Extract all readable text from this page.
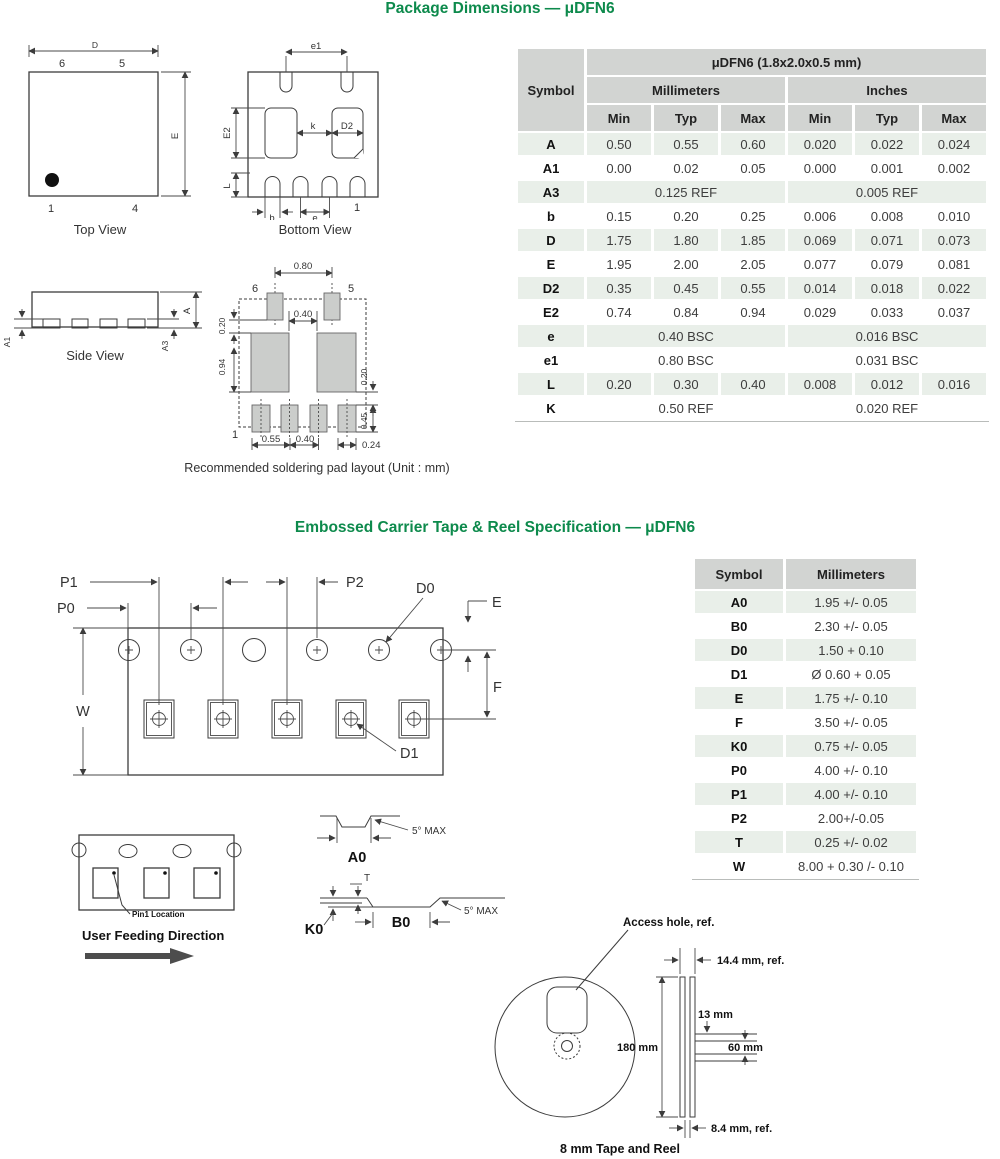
Package Dimensions — μDFN6
D
6	5
E
1	4
Top View
e1
E2
k	D2
L
b	e
1
Bottom View
A1
A
A3
Side View
6	5
0.80
0.40
0.20
0.94
0.20
0.45
1 0.55 0.40
0.24
Recommended soldering pad layout (Unit : mm)
Symbol	μDFN6 (1.8x2.0x0.5 mm)					
	Millimeters			Inches		
	Min	Typ	Max	Min	Typ	Max
A	0.50	0.55	0.60	0.020	0.022	0.024
A1	0.00	0.02	0.05	0.000	0.001	0.002
A3	0.125 REF			0.005 REF		
b	0.15	0.20	0.25	0.006	0.008	0.010
D	1.75	1.80	1.85	0.069	0.071	0.073
E	1.95	2.00	2.05	0.077	0.079	0.081
D2	0.35	0.45	0.55	0.014	0.018	0.022
E2	0.74	0.84	0.94	0.029	0.033	0.037
e	0.40 BSC			0.016 BSC		
e1	0.80 BSC			0.031 BSC		
L	0.20	0.30	0.40	0.008	0.012	0.016
K	0.50 REF			0.020 REF		
Embossed Carrier Tape & Reel Specification — μDFN6
P1	P2
P0
W
D0
E
F
D1
Symbol	Millimeters
A0	1.95 +/- 0.05
B0	2.30 +/- 0.05
D0	1.50 + 0.10
D1	Ø 0.60 + 0.05
E	1.75 +/- 0.10
F	3.50 +/- 0.05
K0	0.75 +/- 0.05
P0	4.00 +/- 0.10
P1	4.00 +/- 0.10
P2	2.00+/-0.05
T	0.25 +/- 0.02
W	8.00 + 0.30 /- 0.10
Pin1 Location
User Feeding Direction
A0
5° MAX
T
K0	B0
5° MAX
Access hole, ref.
14.4 mm, ref.
180 mm
13 mm
60 mm
8.4 mm, ref.
8 mm Tape and Reel
